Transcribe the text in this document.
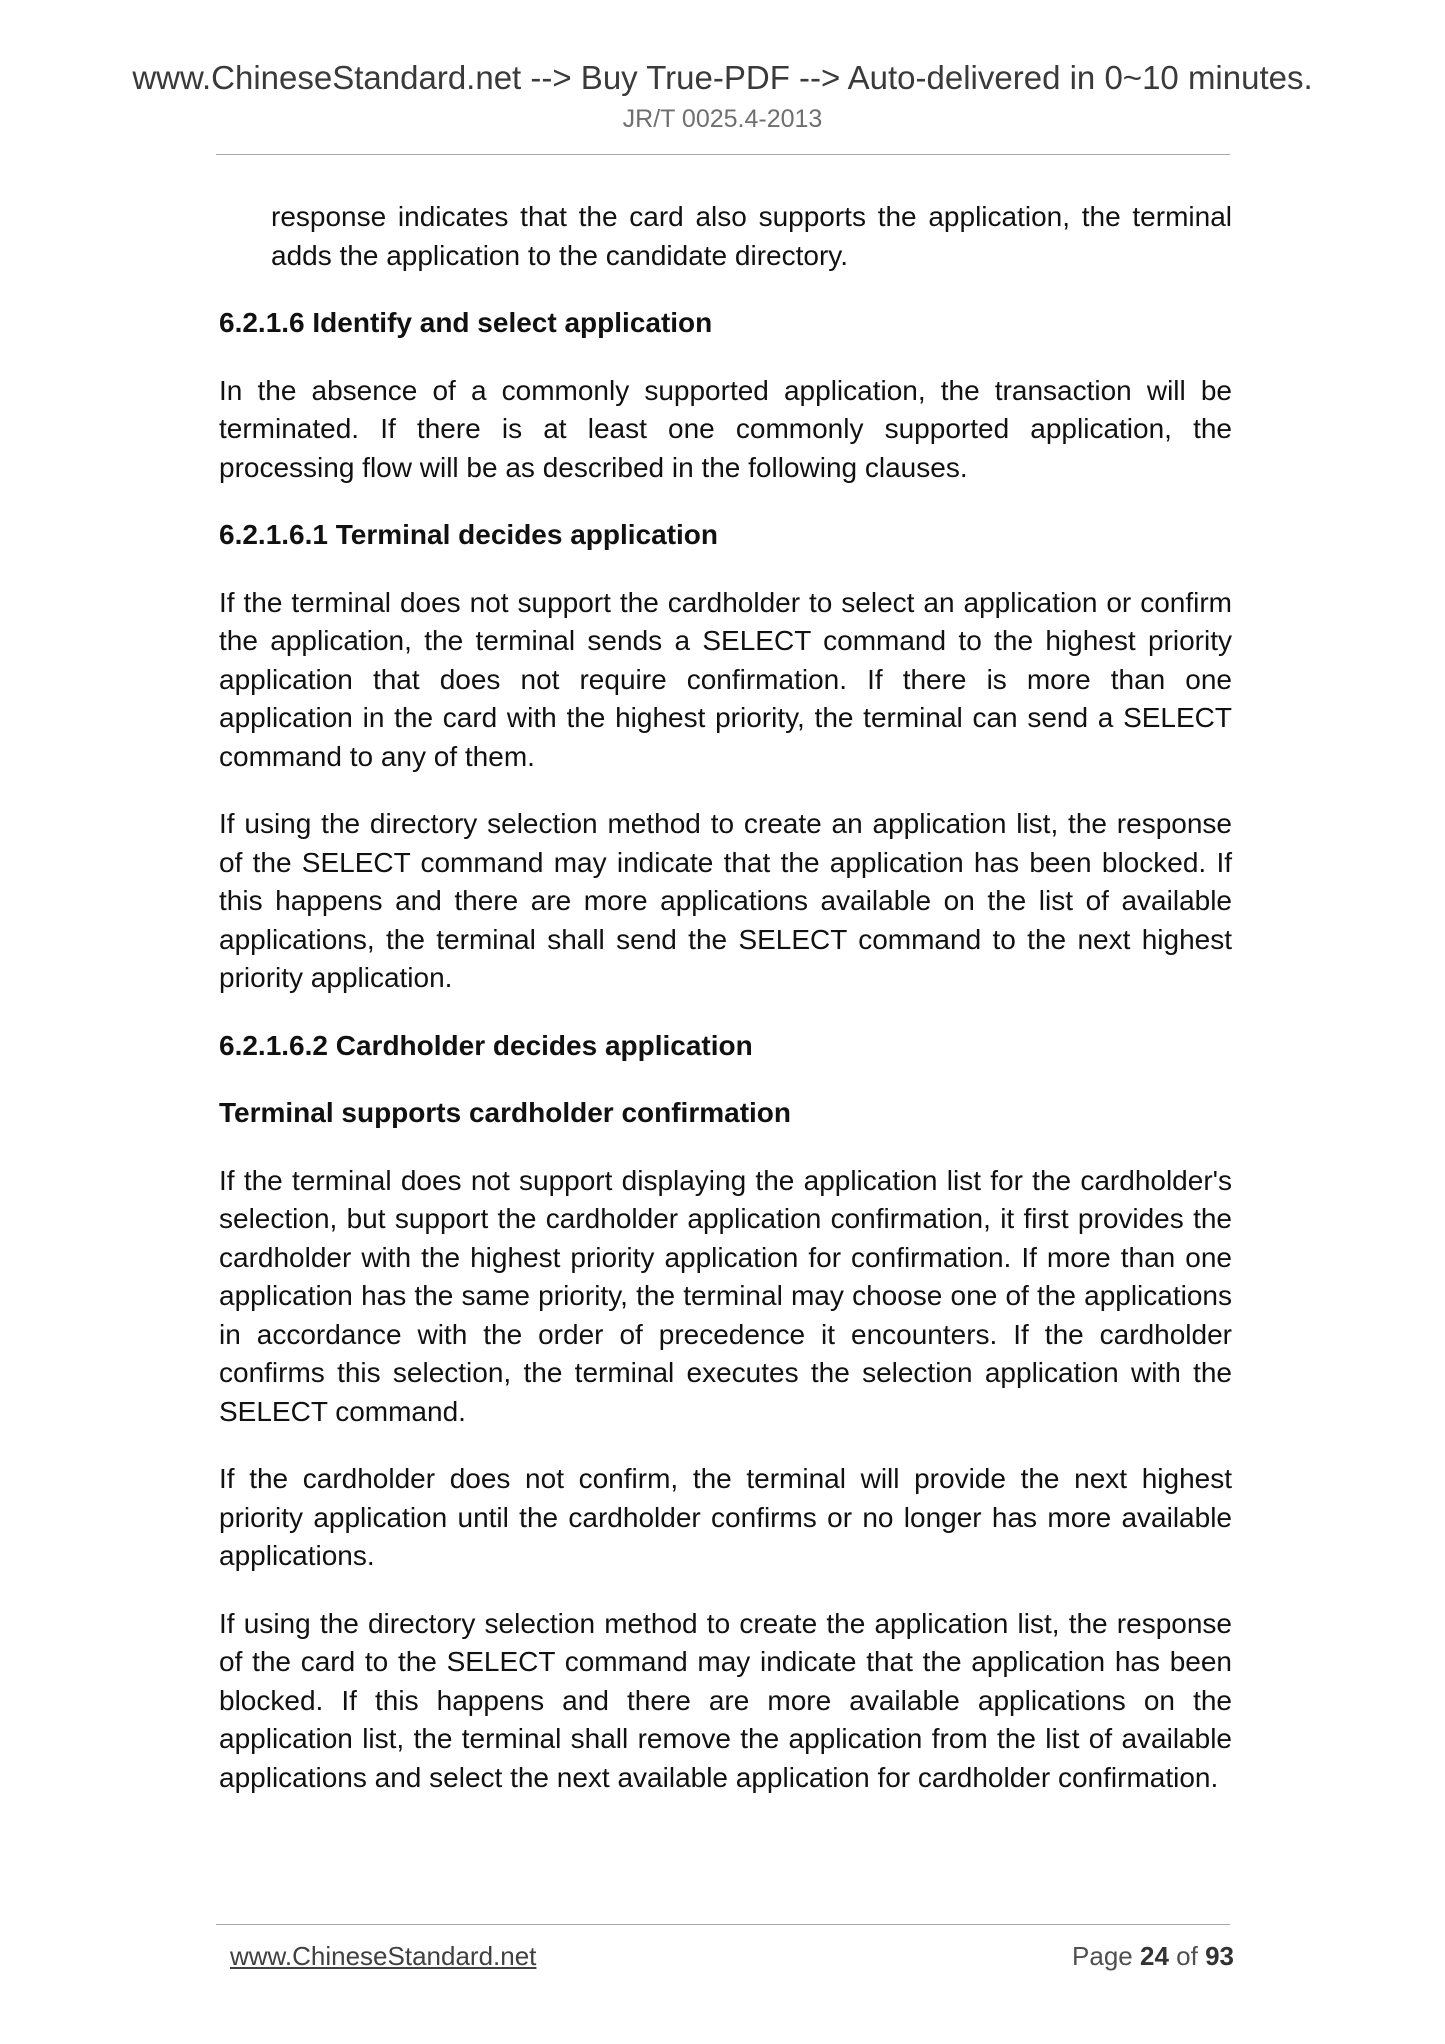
www.ChineseStandard.net --> Buy True-PDF --> Auto-delivered in 0~10 minutes.
JR/T 0025.4-2013

response indicates that the card also supports the application, the terminal adds the application to the candidate directory.

6.2.1.6 Identify and select application

In the absence of a commonly supported application, the transaction will be terminated. If there is at least one commonly supported application, the processing flow will be as described in the following clauses.

6.2.1.6.1 Terminal decides application

If the terminal does not support the cardholder to select an application or confirm the application, the terminal sends a SELECT command to the highest priority application that does not require confirmation. If there is more than one application in the card with the highest priority, the terminal can send a SELECT command to any of them.

If using the directory selection method to create an application list, the response of the SELECT command may indicate that the application has been blocked. If this happens and there are more applications available on the list of available applications, the terminal shall send the SELECT command to the next highest priority application.

6.2.1.6.2 Cardholder decides application
Terminal supports cardholder confirmation

If the terminal does not support displaying the application list for the cardholder's selection, but support the cardholder application confirmation, it first provides the cardholder with the highest priority application for confirmation. If more than one application has the same priority, the terminal may choose one of the applications in accordance with the order of precedence it encounters. If the cardholder confirms this selection, the terminal executes the selection application with the SELECT command.

If the cardholder does not confirm, the terminal will provide the next highest priority application until the cardholder confirms or no longer has more available applications.

If using the directory selection method to create the application list, the response of the card to the SELECT command may indicate that the application has been blocked. If this happens and there are more available applications on the application list, the terminal shall remove the application from the list of available applications and select the next available application for cardholder confirmation.

www.ChineseStandard.net	Page 24 of 93
